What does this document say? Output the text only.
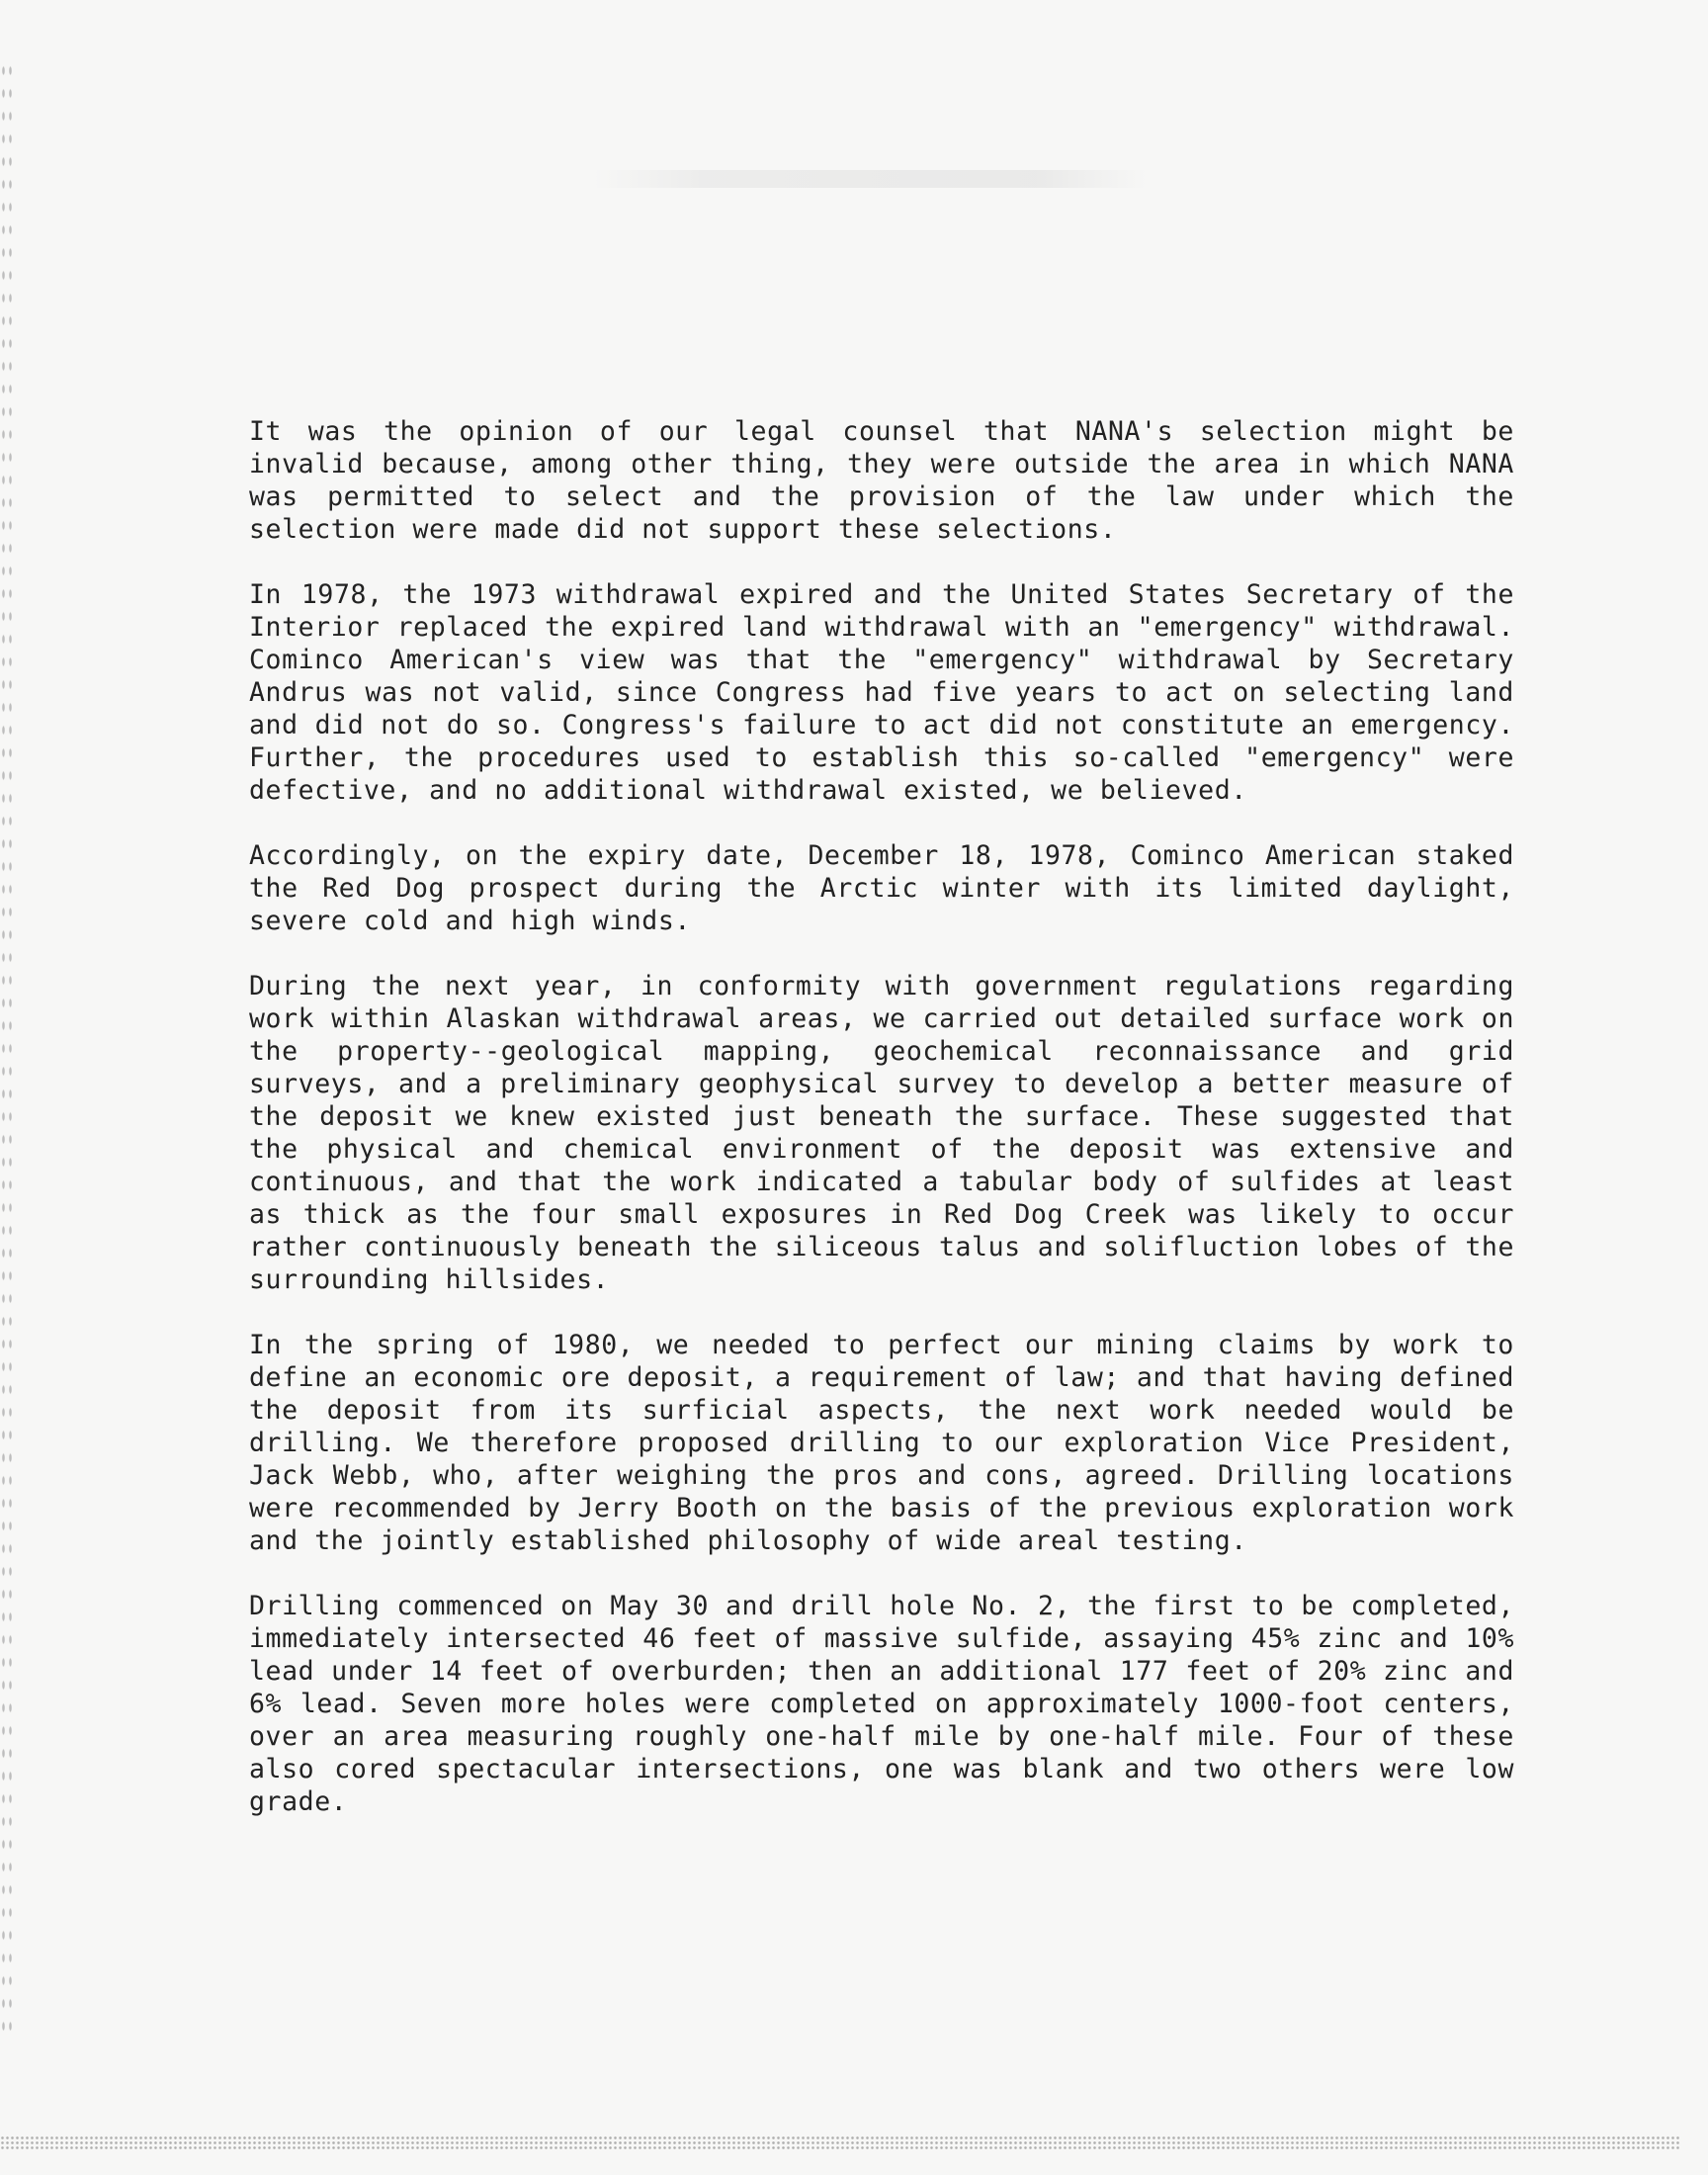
It was the opinion of our legal counsel that NANA's selection might be invalid because, among other thing, they were outside the area in which NANA was permitted to select and the provision of the law under which the selection were made did not support these selections.

In 1978, the 1973 withdrawal expired and the United States Secretary of the Interior replaced the expired land withdrawal with an "emergency" withdrawal. Cominco American's view was that the "emergency" withdrawal by Secretary Andrus was not valid, since Congress had five years to act on selecting land and did not do so. Congress's failure to act did not constitute an emergency. Further, the procedures used to establish this so-called "emergency" were defective, and no additional withdrawal existed, we believed.

Accordingly, on the expiry date, December 18, 1978, Cominco American staked the Red Dog prospect during the Arctic winter with its limited daylight, severe cold and high winds.

During the next year, in conformity with government regulations regarding work within Alaskan withdrawal areas, we carried out detailed surface work on the property--geological mapping, geochemical reconnaissance and grid surveys, and a preliminary geophysical survey to develop a better measure of the deposit we knew existed just beneath the surface. These suggested that the physical and chemical environment of the deposit was extensive and continuous, and that the work indicated a tabular body of sulfides at least as thick as the four small exposures in Red Dog Creek was likely to occur rather continuously beneath the siliceous talus and solifluction lobes of the surrounding hillsides.

In the spring of 1980, we needed to perfect our mining claims by work to define an economic ore deposit, a requirement of law; and that having defined the deposit from its surficial aspects, the next work needed would be drilling. We therefore proposed drilling to our exploration Vice President, Jack Webb, who, after weighing the pros and cons, agreed. Drilling locations were recommended by Jerry Booth on the basis of the previous exploration work and the jointly established philosophy of wide areal testing.

Drilling commenced on May 30 and drill hole No. 2, the first to be completed, immediately intersected 46 feet of massive sulfide, assaying 45% zinc and 10% lead under 14 feet of overburden; then an additional 177 feet of 20% zinc and 6% lead. Seven more holes were completed on approximately 1000-foot centers, over an area measuring roughly one-half mile by one-half mile. Four of these also cored spectacular intersections, one was blank and two others were low grade.
